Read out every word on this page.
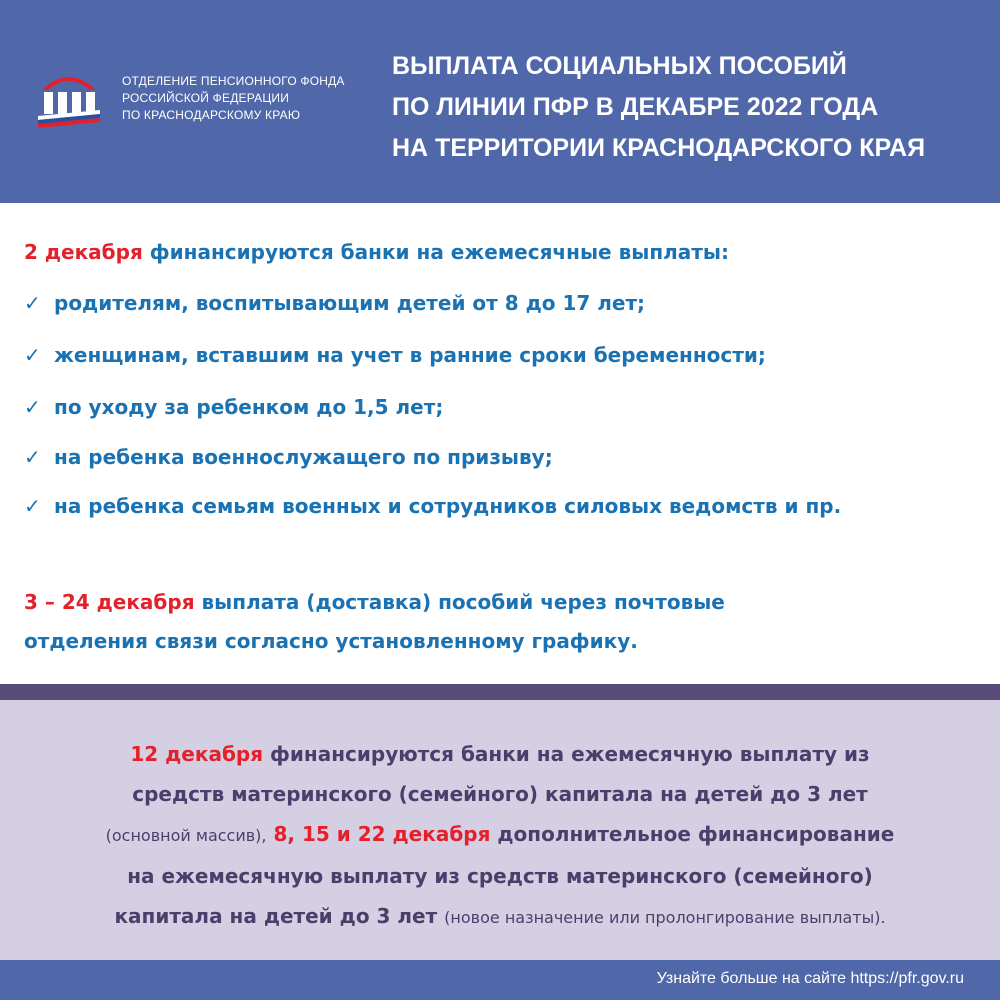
ОТДЕЛЕНИЕ ПЕНСИОННОГО ФОНДА
РОССИЙСКОЙ ФЕДЕРАЦИИ
ПО КРАСНОДАРСКОМУ КРАЮ
ВЫПЛАТА СОЦИАЛЬНЫХ ПОСОБИЙ
ПО ЛИНИИ ПФР В ДЕКАБРЕ 2022 ГОДА
НА ТЕРРИТОРИИ КРАСНОДАРСКОГО КРАЯ
2 декабря финансируются банки на ежемесячные выплаты:
✓ родителям, воспитывающим детей от 8 до 17 лет;
✓ женщинам, вставшим на учет в ранние сроки беременности;
✓ по уходу за ребенком до 1,5 лет;
✓ на ребенка военнослужащего по призыву;
✓ на ребенка семьям военных и сотрудников силовых ведомств и пр.
3 – 24 декабря выплата (доставка) пособий через почтовые
отделения связи согласно установленному графику.
12 декабря финансируются банки на ежемесячную выплату из
средств материнского (семейного) капитала на детей до 3 лет
(основной массив), 8, 15 и 22 декабря дополнительное финансирование
на ежемесячную выплату из средств материнского (семейного)
капитала на детей до 3 лет (новое назначение или пролонгирование выплаты).
Узнайте больше на сайте https://pfr.gov.ru
